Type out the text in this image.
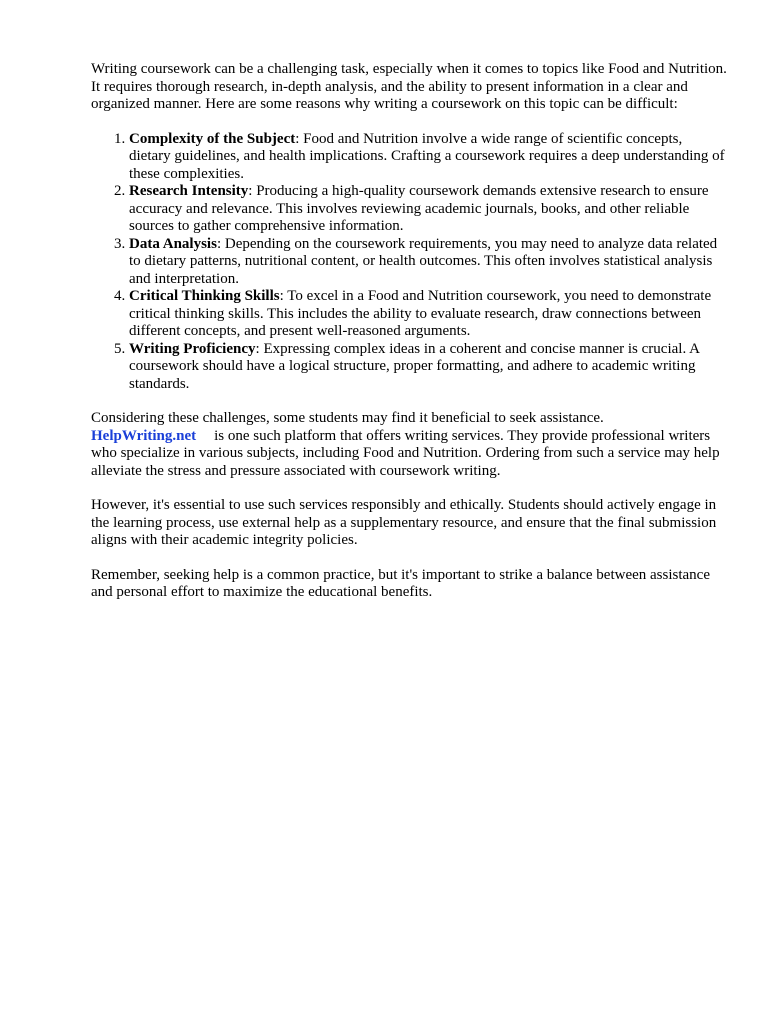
Writing coursework can be a challenging task, especially when it comes to topics like Food and Nutrition. It requires thorough research, in-depth analysis, and the ability to present information in a clear and organized manner. Here are some reasons why writing a coursework on this topic can be difficult:

1. Complexity of the Subject: Food and Nutrition involve a wide range of scientific concepts, dietary guidelines, and health implications. Crafting a coursework requires a deep understanding of these complexities.
2. Research Intensity: Producing a high-quality coursework demands extensive research to ensure accuracy and relevance. This involves reviewing academic journals, books, and other reliable sources to gather comprehensive information.
3. Data Analysis: Depending on the coursework requirements, you may need to analyze data related to dietary patterns, nutritional content, or health outcomes. This often involves statistical analysis and interpretation.
4. Critical Thinking Skills: To excel in a Food and Nutrition coursework, you need to demonstrate critical thinking skills. This includes the ability to evaluate research, draw connections between different concepts, and present well-reasoned arguments.
5. Writing Proficiency: Expressing complex ideas in a coherent and concise manner is crucial. A coursework should have a logical structure, proper formatting, and adhere to academic writing standards.

Considering these challenges, some students may find it beneficial to seek assistance.
HelpWriting.net is one such platform that offers writing services. They provide professional writers who specialize in various subjects, including Food and Nutrition. Ordering from such a service may help alleviate the stress and pressure associated with coursework writing.

However, it's essential to use such services responsibly and ethically. Students should actively engage in the learning process, use external help as a supplementary resource, and ensure that the final submission aligns with their academic integrity policies.

Remember, seeking help is a common practice, but it's important to strike a balance between assistance and personal effort to maximize the educational benefits.
